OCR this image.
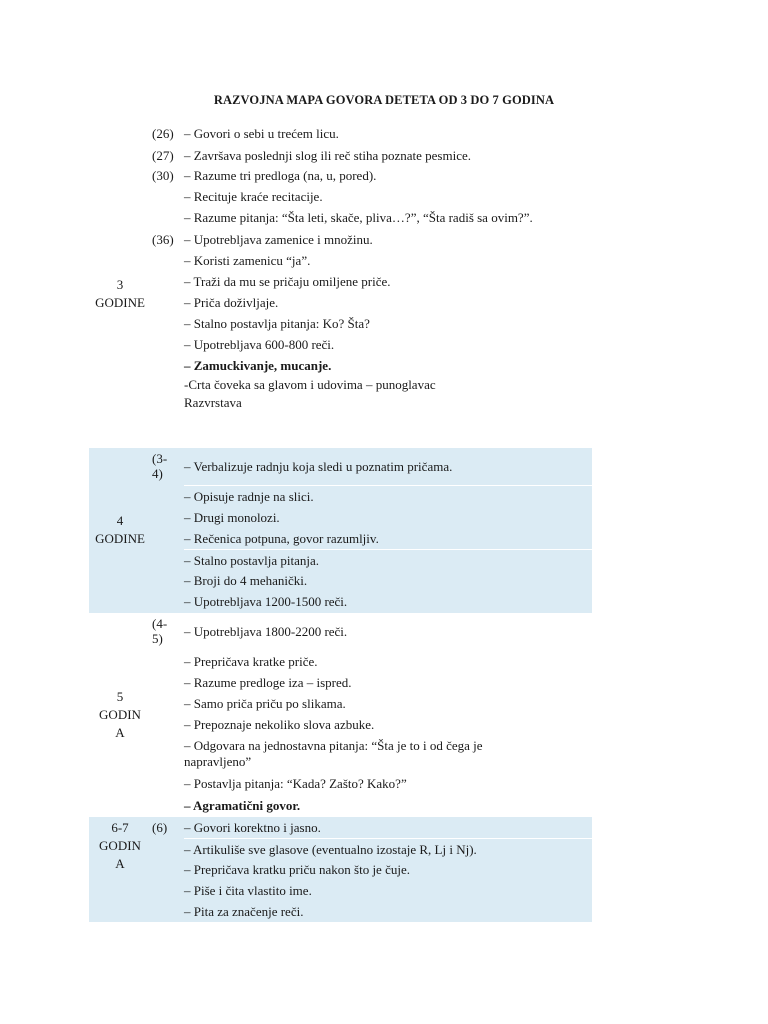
RAZVOJNA MAPA GOVORA DETETA OD 3 DO 7 GODINA
3
GODINE
(26) – Govori o sebi u trećem licu.
(27) – Završava poslednji slog ili reč stiha poznate pesmice.
(30) – Razume tri predloga (na, u, pored).
– Recituje kraće recitacije.
– Razume pitanja: “Šta leti, skače, pliva…?”, “Šta radiš sa ovim?”.
(36) – Upotrebljava zamenice i množinu.
– Koristi zamenicu “ja”.
– Traži da mu se pričaju omiljene priče.
– Priča doživljaje.
– Stalno postavlja pitanja: Ko? Šta?
– Upotrebljava 600-800 reči.
– Zamuckivanje, mucanje.
-Crta čoveka sa glavom i udovima – punoglavac
Razvrstava
4
GODINE
(3-
4)	– Verbalizuje radnju koja sledi u poznatim pričama.
– Opisuje radnje na slici.
– Drugi monolozi.
– Rečenica potpuna, govor razumljiv.
– Stalno postavlja pitanja.
– Broji do 4 mehanički.
– Upotrebljava 1200-1500 reči.
5
GODIN
A
(4-
5)	– Upotrebljava 1800-2200 reči.
– Prepričava kratke priče.
– Razume predloge iza – ispred.
– Samo priča priču po slikama.
– Prepoznaje nekoliko slova azbuke.
– Odgovara na jednostavna pitanja: “Šta je to i od čega je napravljeno”
– Postavlja pitanja: “Kada? Zašto? Kako?”
– Agramatični govor.
6-7
GODIN
A
(6) – Govori korektno i jasno.
– Artikuliše sve glasove (eventualno izostaje R, Lj i Nj).
– Prepričava kratku priču nakon što je čuje.
– Piše i čita vlastito ime.
– Pita za značenje reči.
